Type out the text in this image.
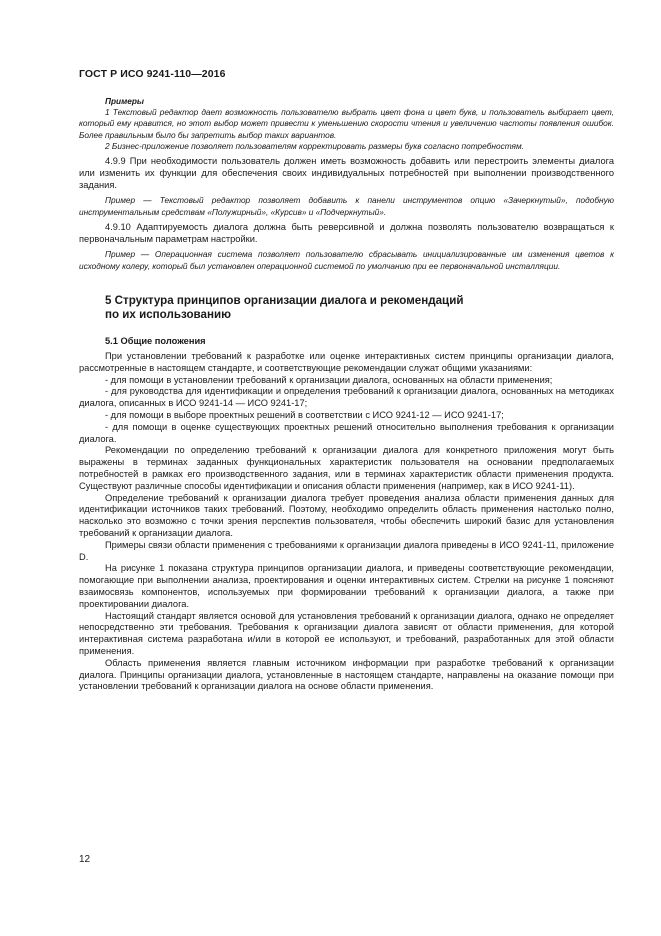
ГОСТ Р ИСО 9241-110—2016

Примеры

1 Текстовый редактор дает возможность пользователю выбрать цвет фона и цвет букв, и пользователь выбирает цвет, который ему нравится, но этот выбор может привести к уменьшению скорости чтения и увеличению частоты появления ошибок. Более правильным было бы запретить выбор таких вариантов.

2 Бизнес-приложение позволяет пользователям корректировать размеры букв согласно потребностям.

4.9.9 При необходимости пользователь должен иметь возможность добавить или перестроить элементы диалога или изменить их функции для обеспечения своих индивидуальных потребностей при выполнении производственного задания.

Пример — Текстовый редактор позволяет добавить к панели инструментов опцию «Зачеркнутый», подобную инструментальным средствам «Полужирный», «Курсив» и «Подчеркнутый».

4.9.10 Адаптируемость диалога должна быть реверсивной и должна позволять пользователю возвращаться к первоначальным параметрам настройки.

Пример — Операционная система позволяет пользователю сбрасывать инициализированные им изменения цветов к исходному колеру, который был установлен операционной системой по умолчанию при ее первоначальной инсталляции.

5 Структура принципов организации диалога и рекомендаций
по их использованию

5.1 Общие положения

При установлении требований к разработке или оценке интерактивных систем принципы организации диалога, рассмотренные в настоящем стандарте, и соответствующие рекомендации служат общими указаниями:

- для помощи в установлении требований к организации диалога, основанных на области применения;

- для руководства для идентификации и определения требований к организации диалога, основанных на методиках диалога, описанных в ИСО 9241-14 — ИСО 9241-17;

- для помощи в выборе проектных решений в соответствии с ИСО 9241-12 — ИСО 9241-17;

- для помощи в оценке существующих проектных решений относительно выполнения требования к организации диалога.

Рекомендации по определению требований к организации диалога для конкретного приложения могут быть выражены в терминах заданных функциональных характеристик пользователя на основании предполагаемых потребностей в рамках его производственного задания, или в терминах характеристик области применения продукта. Существуют различные способы идентификации и описания области применения (например, как в ИСО 9241-11).

Определение требований к организации диалога требует проведения анализа области применения данных для идентификации источников таких требований. Поэтому, необходимо определить область применения настолько полно, насколько это возможно с точки зрения перспектив пользователя, чтобы обеспечить широкий базис для установления требований к организации диалога.

Примеры связи области применения с требованиями к организации диалога приведены в ИСО 9241-11, приложение D.

На рисунке 1 показана структура принципов организации диалога, и приведены соответствующие рекомендации, помогающие при выполнении анализа, проектирования и оценки интерактивных систем. Стрелки на рисунке 1 поясняют взаимосвязь компонентов, используемых при формировании требований к организации диалога, а также при проектировании диалога.

Настоящий стандарт является основой для установления требований к организации диалога, однако не определяет непосредственно эти требования. Требования к организации диалога зависят от области применения, для которой интерактивная система разработана и/или в которой ее используют, и требований, разработанных для этой области применения.

Область применения является главным источником информации при разработке требований к организации диалога. Принципы организации диалога, установленные в настоящем стандарте, направлены на оказание помощи при установлении требований к организации диалога на основе области применения.

12
